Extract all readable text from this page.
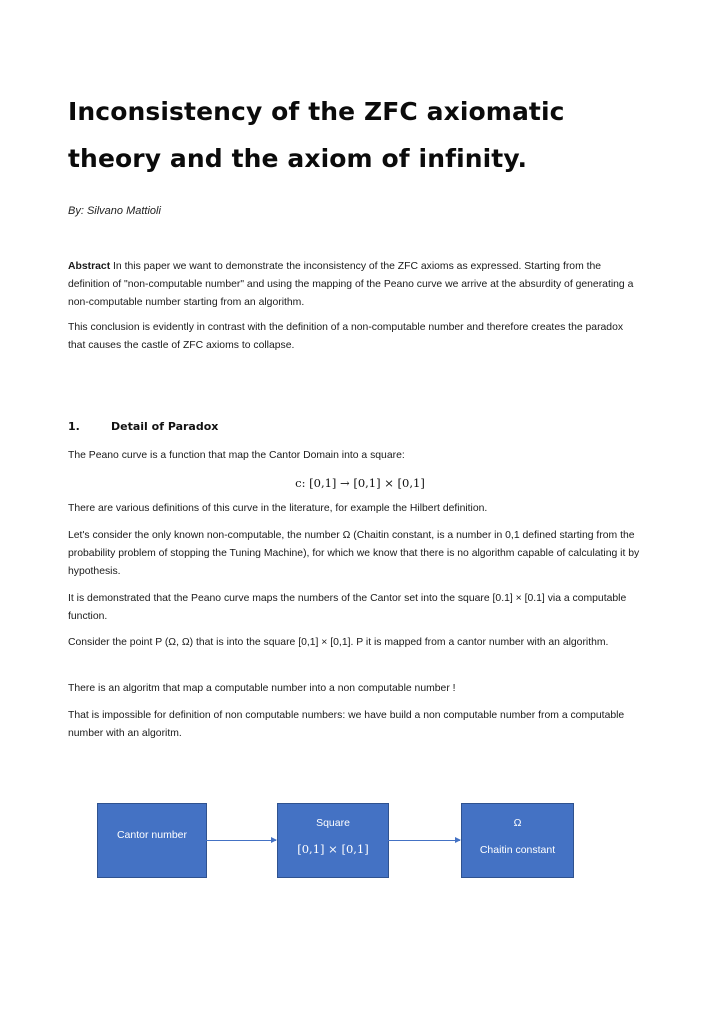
Inconsistency of the ZFC axiomatic
theory and the axiom of infinity.
By: Silvano Mattioli
Abstract In this paper we want to demonstrate the inconsistency of the ZFC axioms as expressed. Starting from the definition of "non-computable number" and using the mapping of the Peano curve we arrive at the absurdity of generating a non-computable number starting from an algorithm.
This conclusion is evidently in contrast with the definition of a non-computable number and therefore creates the paradox that causes the castle of ZFC axioms to collapse.
1.	Detail of Paradox
The Peano curve is a function that map the Cantor Domain into a square:
c: [0,1] → [0,1] × [0,1]
There are various definitions of this curve in the literature, for example the Hilbert definition.
Let's consider the only known non-computable, the number Ω (Chaitin constant, is a number in 0,1 defined starting from the probability problem of stopping the Tuning Machine), for which we know that there is no algorithm capable of calculating it by hypothesis.
It is demonstrated that the Peano curve maps the numbers of the Cantor set into the square [0.1] × [0.1] via a computable function.
Consider the point P (Ω, Ω) that is into the square [0,1] × [0,1]. P it is mapped from a cantor number with an algorithm.
There is an algoritm that map a computable number into a non computable number !
That is impossible for definition of non computable numbers: we have build a non computable number from a computable number with an algoritm.
Cantor number
Square
[0,1] × [0,1]
Ω
Chaitin constant
